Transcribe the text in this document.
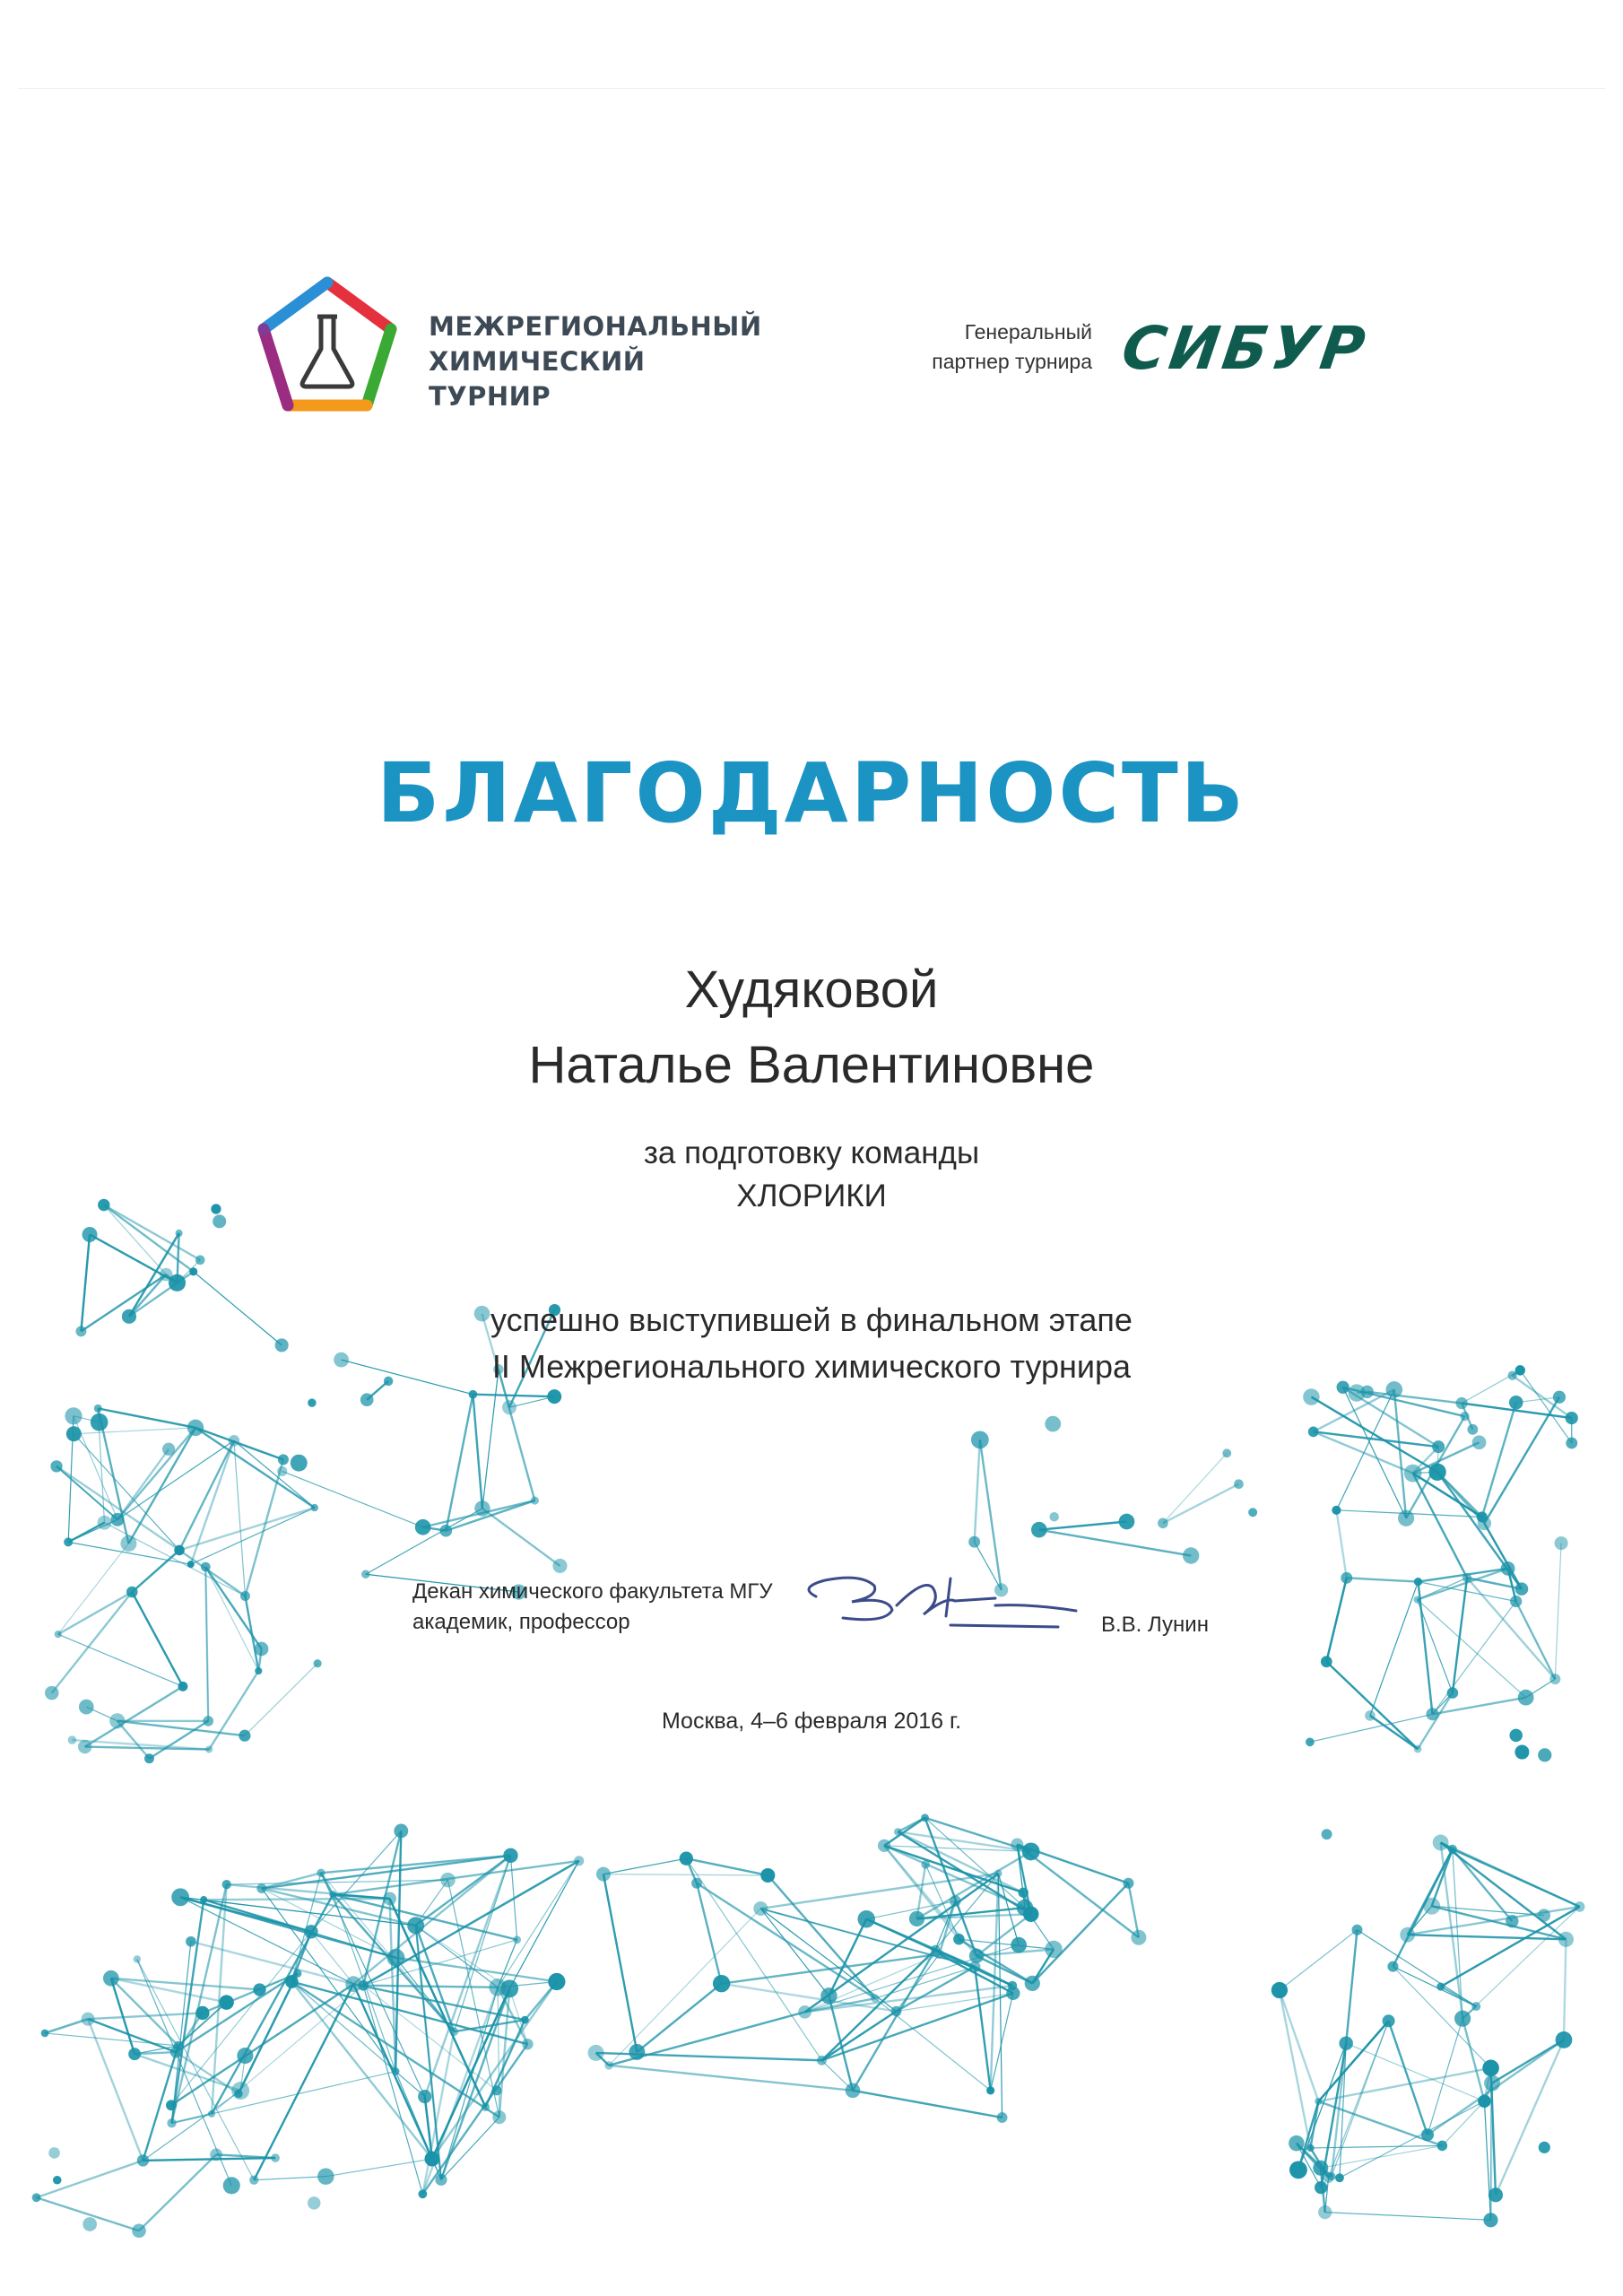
МЕЖРЕГИОНАЛЬНЫЙ
ХИМИЧЕСКИЙ
ТУРНИР
Генеральный
партнер турнира СИБУР
БЛАГОДАРНОСТЬ
Худяковой
Наталье Валентиновне
за подготовку команды
ХЛОРИКИ
успешно выступившей в финальном этапе
II Межрегионального химического турнира
Декан химического факультета МГУ
академик, профессор	В.В. Лунин
Москва, 4–6 февраля 2016 г.
